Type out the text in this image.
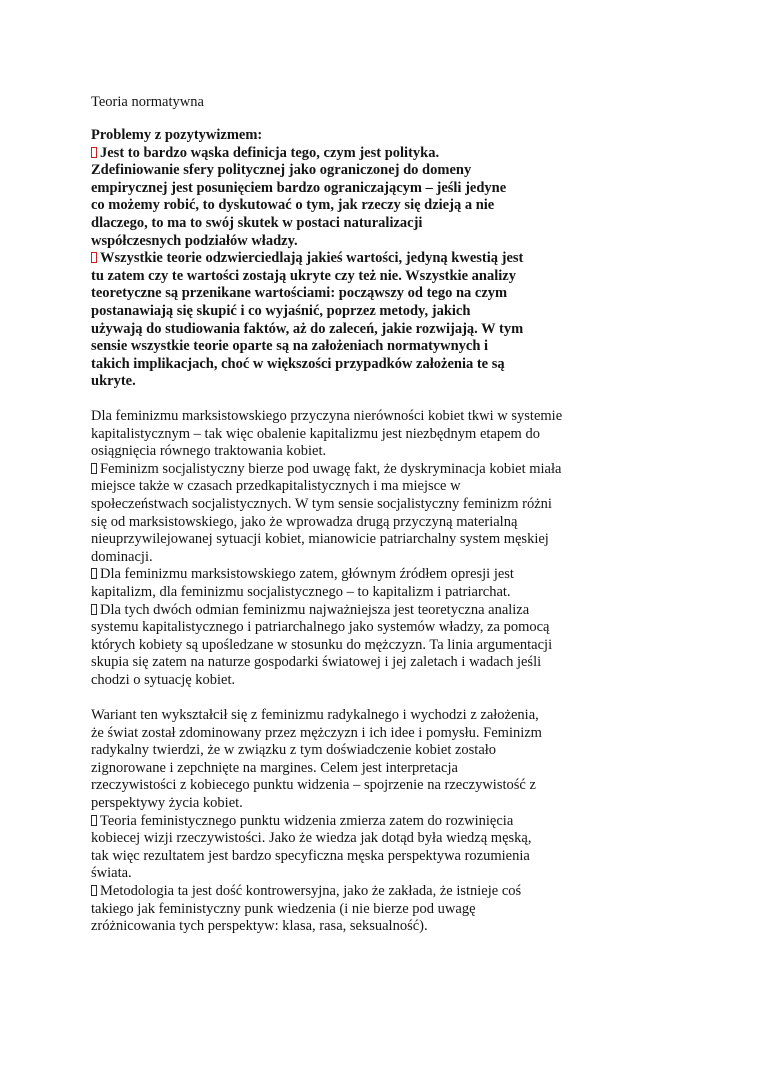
Teoria normatywna

Problemy z pozytywizmem:
Jest to bardzo wąska definicja tego, czym jest polityka.
Zdefiniowanie sfery politycznej jako ograniczonej do domeny
empirycznej jest posunięciem bardzo ograniczającym – jeśli jedyne
co możemy robić, to dyskutować o tym, jak rzeczy się dzieją a nie
dlaczego, to ma to swój skutek w postaci naturalizacji
współczesnych podziałów władzy.
Wszystkie teorie odzwierciedlają jakieś wartości, jedyną kwestią jest
tu zatem czy te wartości zostają ukryte czy też nie. Wszystkie analizy
teoretyczne są przenikane wartościami: począwszy od tego na czym
postanawiają się skupić i co wyjaśnić, poprzez metody, jakich
używają do studiowania faktów, aż do zaleceń, jakie rozwijają. W tym
sensie wszystkie teorie oparte są na założeniach normatywnych i
takich implikacjach, choć w większości przypadków założenia te są
ukryte.
Dla feminizmu marksistowskiego przyczyna nierówności kobiet tkwi w systemie
kapitalistycznym – tak więc obalenie kapitalizmu jest niezbędnym etapem do
osiągnięcia równego traktowania kobiet.
Feminizm socjalistyczny bierze pod uwagę fakt, że dyskryminacja kobiet miała
miejsce także w czasach przedkapitalistycznych i ma miejsce w
społeczeństwach socjalistycznych. W tym sensie socjalistyczny feminizm różni
się od marksistowskiego, jako że wprowadza drugą przyczyną materialną
nieuprzywilejowanej sytuacji kobiet, mianowicie patriarchalny system męskiej
dominacji.
Dla feminizmu marksistowskiego zatem, głównym źródłem opresji jest
kapitalizm, dla feminizmu socjalistycznego – to kapitalizm i patriarchat.
Dla tych dwóch odmian feminizmu najważniejsza jest teoretyczna analiza
systemu kapitalistycznego i patriarchalnego jako systemów władzy, za pomocą
których kobiety są upośledzane w stosunku do mężczyzn. Ta linia argumentacji
skupia się zatem na naturze gospodarki światowej i jej zaletach i wadach jeśli
chodzi o sytuację kobiet.
Wariant ten wykształcił się z feminizmu radykalnego i wychodzi z założenia,
że świat został zdominowany przez mężczyzn i ich idee i pomysłu. Feminizm
radykalny twierdzi, że w związku z tym doświadczenie kobiet zostało
zignorowane i zepchnięte na margines. Celem jest interpretacja
rzeczywistości z kobiecego punktu widzenia – spojrzenie na rzeczywistość z
perspektywy życia kobiet.
Teoria feministycznego punktu widzenia zmierza zatem do rozwinięcia
kobiecej wizji rzeczywistości. Jako że wiedza jak dotąd była wiedzą męską,
tak więc rezultatem jest bardzo specyficzna męska perspektywa rozumienia
świata.
Metodologia ta jest dość kontrowersyjna, jako że zakłada, że istnieje coś
takiego jak feministyczny punk wiedzenia (i nie bierze pod uwagę
zróżnicowania tych perspektyw: klasa, rasa, seksualność).
